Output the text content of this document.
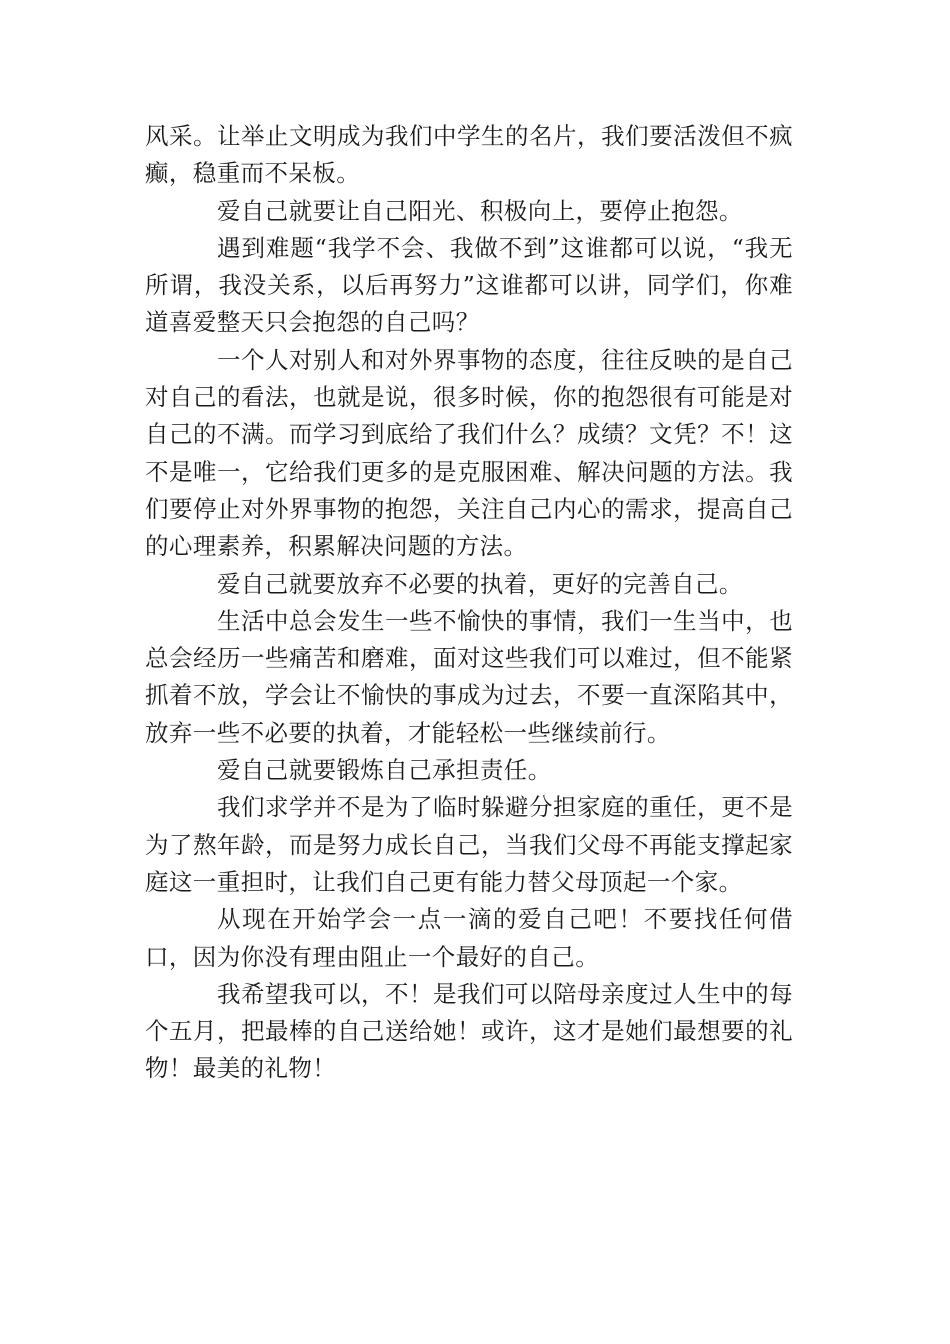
风采。让举止文明成为我们中学生的名片，我们要活泼但不疯癫，稳重而不呆板。

爱自己就要让自己阳光、积极向上，要停止抱怨。

遇到难题“我学不会、我做不到”这谁都可以说，“我无所谓，我没关系，以后再努力”这谁都可以讲，同学们，你难道喜爱整天只会抱怨的自己吗？

一个人对别人和对外界事物的态度，往往反映的是自己对自己的看法，也就是说，很多时候，你的抱怨很有可能是对自己的不满。而学习到底给了我们什么？成绩？文凭？不！这不是唯一，它给我们更多的是克服困难、解决问题的方法。我们要停止对外界事物的抱怨，关注自己内心的需求，提高自己的心理素养，积累解决问题的方法。

爱自己就要放弃不必要的执着，更好的完善自己。

生活中总会发生一些不愉快的事情，我们一生当中，也总会经历一些痛苦和磨难，面对这些我们可以难过，但不能紧抓着不放，学会让不愉快的事成为过去，不要一直深陷其中，放弃一些不必要的执着，才能轻松一些继续前行。

爱自己就要锻炼自己承担责任。

我们求学并不是为了临时躲避分担家庭的重任，更不是为了熬年龄，而是努力成长自己，当我们父母不再能支撑起家庭这一重担时，让我们自己更有能力替父母顶起一个家。

从现在开始学会一点一滴的爱自己吧！不要找任何借口，因为你没有理由阻止一个最好的自己。

我希望我可以，不！是我们可以陪母亲度过人生中的每个五月，把最棒的自己送给她！或许，这才是她们最想要的礼物！最美的礼物！
